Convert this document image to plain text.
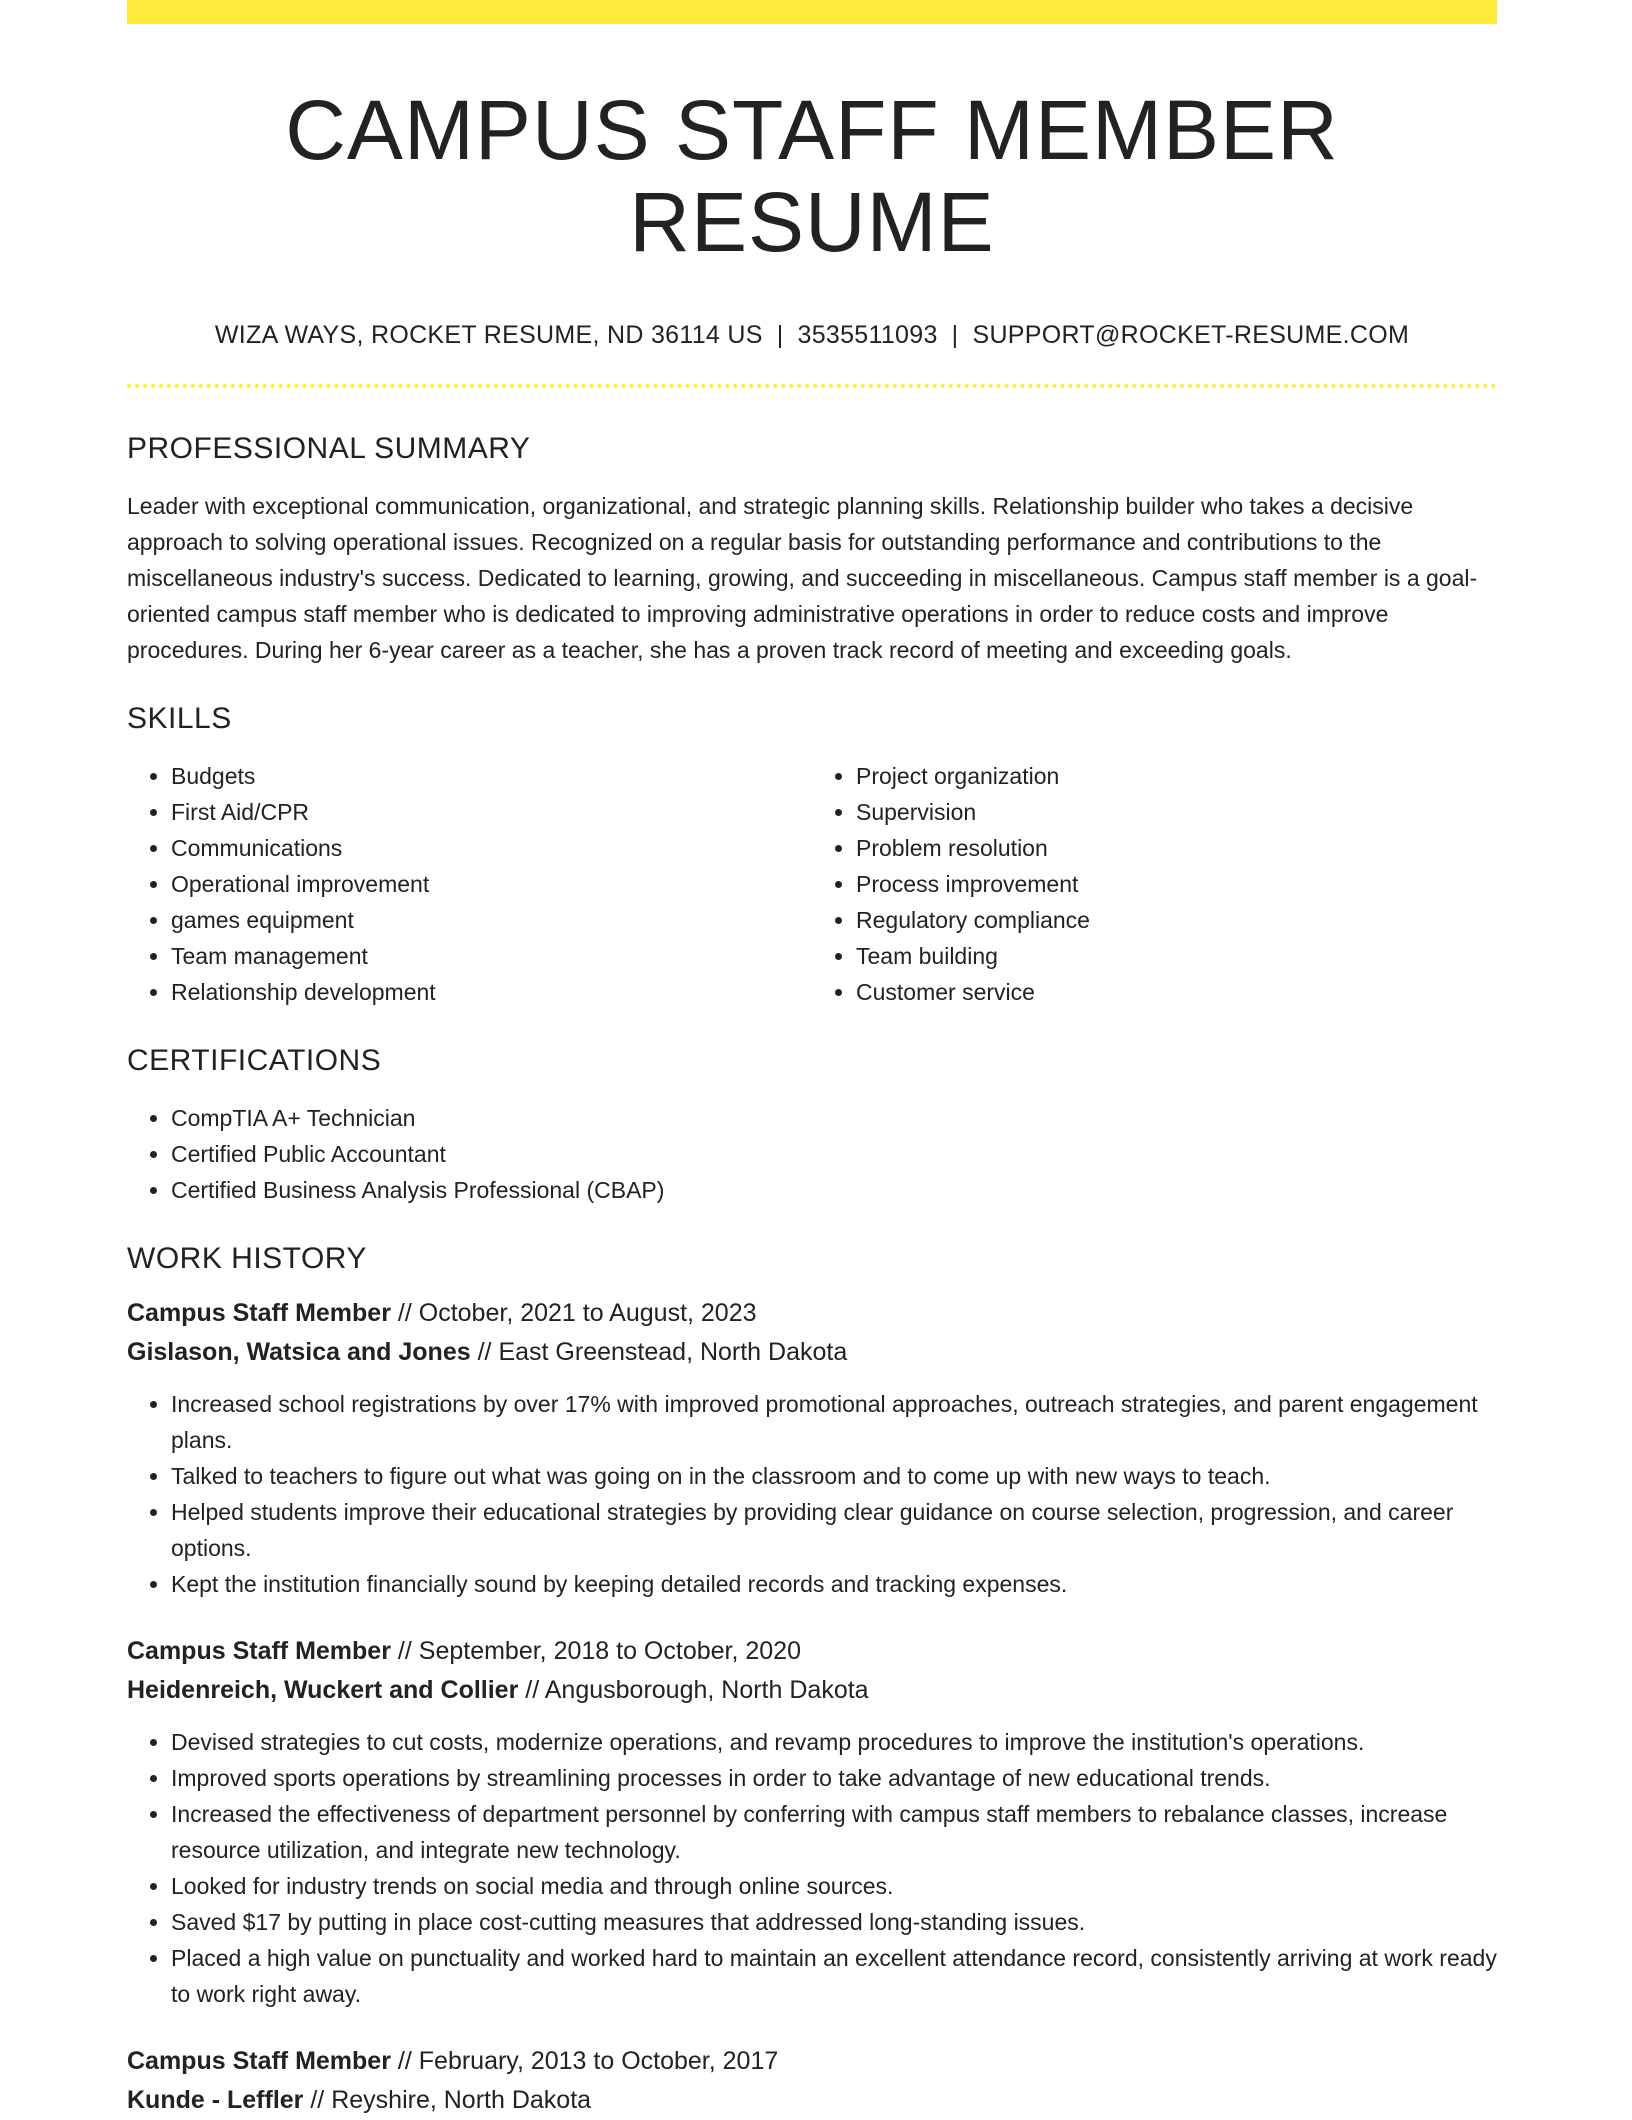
CAMPUS STAFF MEMBER RESUME
WIZA WAYS, ROCKET RESUME, ND 36114 US | 3535511093 | SUPPORT@ROCKET-RESUME.COM
PROFESSIONAL SUMMARY

Leader with exceptional communication, organizational, and strategic planning skills. Relationship builder who takes a decisive approach to solving operational issues. Recognized on a regular basis for outstanding performance and contributions to the miscellaneous industry's success. Dedicated to learning, growing, and succeeding in miscellaneous. Campus staff member is a goal-oriented campus staff member who is dedicated to improving administrative operations in order to reduce costs and improve procedures. During her 6-year career as a teacher, she has a proven track record of meeting and exceeding goals.

SKILLS
• Budgets
• First Aid/CPR
• Communications
• Operational improvement
• games equipment
• Team management
• Relationship development
• Project organization
• Supervision
• Problem resolution
• Process improvement
• Regulatory compliance
• Team building
• Customer service
CERTIFICATIONS
• CompTIA A+ Technician
• Certified Public Accountant
• Certified Business Analysis Professional (CBAP)
WORK HISTORY
Campus Staff Member // October, 2021 to August, 2023
Gislason, Watsica and Jones // East Greenstead, North Dakota
• Increased school registrations by over 17% with improved promotional approaches, outreach strategies, and parent engagement plans.
• Talked to teachers to figure out what was going on in the classroom and to come up with new ways to teach.
• Helped students improve their educational strategies by providing clear guidance on course selection, progression, and career options.
• Kept the institution financially sound by keeping detailed records and tracking expenses.
Campus Staff Member // September, 2018 to October, 2020
Heidenreich, Wuckert and Collier // Angusborough, North Dakota
• Devised strategies to cut costs, modernize operations, and revamp procedures to improve the institution's operations.
• Improved sports operations by streamlining processes in order to take advantage of new educational trends.
• Increased the effectiveness of department personnel by conferring with campus staff members to rebalance classes, increase resource utilization, and integrate new technology.
• Looked for industry trends on social media and through online sources.
• Saved $17 by putting in place cost-cutting measures that addressed long-standing issues.
• Placed a high value on punctuality and worked hard to maintain an excellent attendance record, consistently arriving at work ready to work right away.
Campus Staff Member // February, 2013 to October, 2017
Kunde - Leffler // Reyshire, North Dakota
